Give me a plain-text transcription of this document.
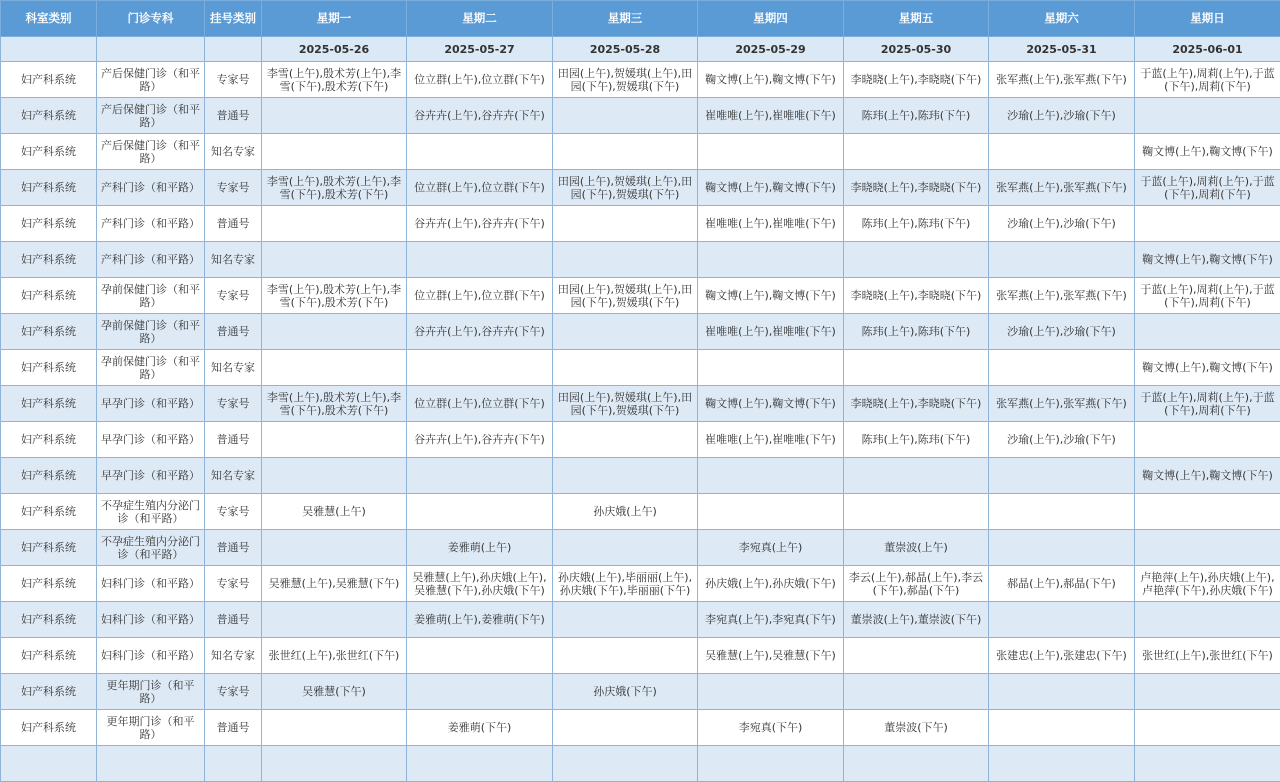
科室类别	门诊专科	挂号类别	星期一	星期二	星期三	星期四	星期五	星期六	星期日
			2025-05-26	2025-05-27	2025-05-28	2025-05-29	2025-05-30	2025-05-31	2025-06-01
妇产科系统	产后保健门诊（和平路）	专家号	李雪(上午),殷术芳(上午),李雪(下午),殷术芳(下午)	位立群(上午),位立群(下午)	田园(上午),贺媛琪(上午),田园(下午),贺媛琪(下午)	鞠文博(上午),鞠文博(下午)	李晓晓(上午),李晓晓(下午)	张军燕(上午),张军燕(下午)	于蓝(上午),周莉(上午),于蓝(下午),周莉(下午)
妇产科系统	产后保健门诊（和平路）	普通号		谷卉卉(上午),谷卉卉(下午)		崔唯唯(上午),崔唯唯(下午)	陈玮(上午),陈玮(下午)	沙瑜(上午),沙瑜(下午)	
妇产科系统	产后保健门诊（和平路）	知名专家							鞠文博(上午),鞠文博(下午)
妇产科系统	产科门诊（和平路）	专家号	李雪(上午),殷术芳(上午),李雪(下午),殷术芳(下午)	位立群(上午),位立群(下午)	田园(上午),贺媛琪(上午),田园(下午),贺媛琪(下午)	鞠文博(上午),鞠文博(下午)	李晓晓(上午),李晓晓(下午)	张军燕(上午),张军燕(下午)	于蓝(上午),周莉(上午),于蓝(下午),周莉(下午)
妇产科系统	产科门诊（和平路）	普通号		谷卉卉(上午),谷卉卉(下午)		崔唯唯(上午),崔唯唯(下午)	陈玮(上午),陈玮(下午)	沙瑜(上午),沙瑜(下午)	
妇产科系统	产科门诊（和平路）	知名专家							鞠文博(上午),鞠文博(下午)
妇产科系统	孕前保健门诊（和平路）	专家号	李雪(上午),殷术芳(上午),李雪(下午),殷术芳(下午)	位立群(上午),位立群(下午)	田园(上午),贺媛琪(上午),田园(下午),贺媛琪(下午)	鞠文博(上午),鞠文博(下午)	李晓晓(上午),李晓晓(下午)	张军燕(上午),张军燕(下午)	于蓝(上午),周莉(上午),于蓝(下午),周莉(下午)
妇产科系统	孕前保健门诊（和平路）	普通号		谷卉卉(上午),谷卉卉(下午)		崔唯唯(上午),崔唯唯(下午)	陈玮(上午),陈玮(下午)	沙瑜(上午),沙瑜(下午)	
妇产科系统	孕前保健门诊（和平路）	知名专家							鞠文博(上午),鞠文博(下午)
妇产科系统	早孕门诊（和平路）	专家号	李雪(上午),殷术芳(上午),李雪(下午),殷术芳(下午)	位立群(上午),位立群(下午)	田园(上午),贺媛琪(上午),田园(下午),贺媛琪(下午)	鞠文博(上午),鞠文博(下午)	李晓晓(上午),李晓晓(下午)	张军燕(上午),张军燕(下午)	于蓝(上午),周莉(上午),于蓝(下午),周莉(下午)
妇产科系统	早孕门诊（和平路）	普通号		谷卉卉(上午),谷卉卉(下午)		崔唯唯(上午),崔唯唯(下午)	陈玮(上午),陈玮(下午)	沙瑜(上午),沙瑜(下午)	
妇产科系统	早孕门诊（和平路）	知名专家							鞠文博(上午),鞠文博(下午)
妇产科系统	不孕症生殖内分泌门诊（和平路）	专家号	吴雅慧(上午)		孙庆娥(上午)				
妇产科系统	不孕症生殖内分泌门诊（和平路）	普通号		姜雅萌(上午)		李宛真(上午)	董崇波(上午)		
妇产科系统	妇科门诊（和平路）	专家号	吴雅慧(上午),吴雅慧(下午)	吴雅慧(上午),孙庆娥(上午),吴雅慧(下午),孙庆娥(下午)	孙庆娥(上午),毕丽丽(上午),孙庆娥(下午),毕丽丽(下午)	孙庆娥(上午),孙庆娥(下午)	李云(上午),郝晶(上午),李云(下午),郝晶(下午)	郝晶(上午),郝晶(下午)	卢艳萍(上午),孙庆娥(上午),卢艳萍(下午),孙庆娥(下午)
妇产科系统	妇科门诊（和平路）	普通号		姜雅萌(上午),姜雅萌(下午)		李宛真(上午),李宛真(下午)	董崇波(上午),董崇波(下午)		
妇产科系统	妇科门诊（和平路）	知名专家	张世红(上午),张世红(下午)			吴雅慧(上午),吴雅慧(下午)		张建忠(上午),张建忠(下午)	张世红(上午),张世红(下午)
妇产科系统	更年期门诊（和平路）	专家号	吴雅慧(下午)		孙庆娥(下午)				
妇产科系统	更年期门诊（和平路）	普通号		姜雅萌(下午)		李宛真(下午)	董崇波(下午)		
